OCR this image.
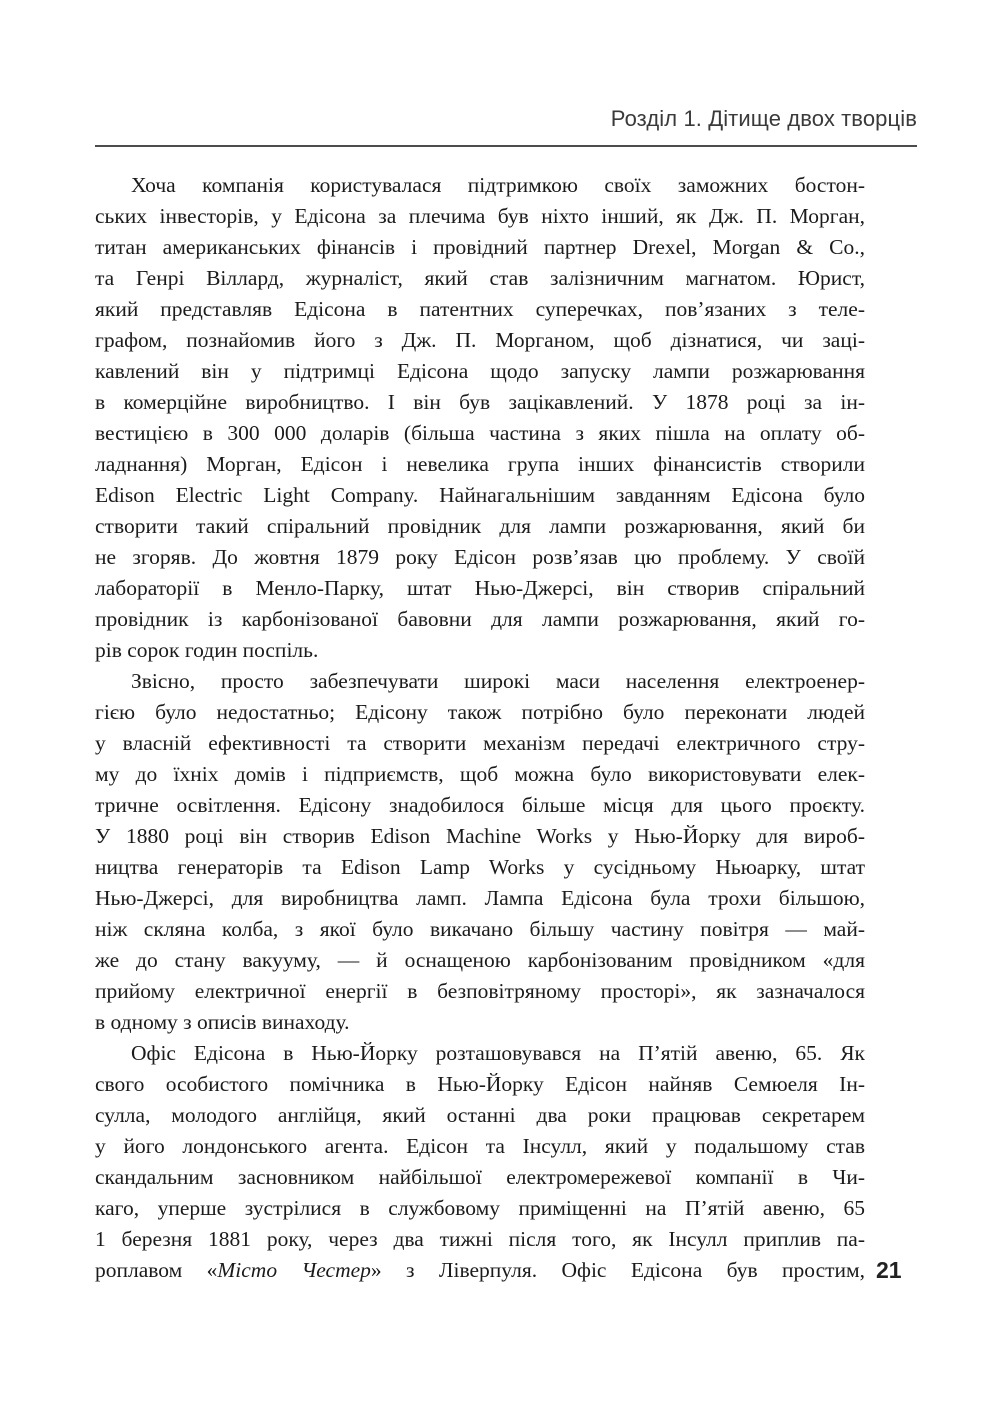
Розділ 1. Дітище двох творців
Хоча компанія користувалася підтримкою своїх заможних бостон-
ських інвесторів, у Едісона за плечима був ніхто інший, як Дж. П. Морган,
титан американських фінансів і провідний партнер Drexel, Morgan & Co.,
та Генрі Віллард, журналіст, який став залізничним магнатом. Юрист,
який представляв Едісона в патентних суперечках, пов’язаних з теле-
графом, познайомив його з Дж. П. Морганом, щоб дізнатися, чи заці-
кавлений він у підтримці Едісона щодо запуску лампи розжарювання
в комерційне виробництво. І він був зацікавлений. У 1878 році за ін-
вестицією в 300 000 доларів (більша частина з яких пішла на оплату об-
ладнання) Морган, Едісон і невелика група інших фінансистів створили
Edison Electric Light Company. Найнагальнішим завданням Едісона було
створити такий спіральний провідник для лампи розжарювання, який би
не згоряв. До жовтня 1879 року Едісон розв’язав цю проблему. У своїй
лабораторії в Менло-Парку, штат Нью-Джерсі, він створив спіральний
провідник із карбонізованої бавовни для лампи розжарювання, який го-
рів сорок годин поспіль.
Звісно, просто забезпечувати широкі маси населення електроенер-
гією було недостатньо; Едісону також потрібно було переконати людей
у власній ефективності та створити механізм передачі електричного стру-
му до їхніх домів і підприємств, щоб можна було використовувати елек-
тричне освітлення. Едісону знадобилося більше місця для цього проєкту.
У 1880 році він створив Edison Machine Works у Нью-Йорку для вироб-
ництва генераторів та Edison Lamp Works у сусідньому Ньюарку, штат
Нью-Джерсі, для виробництва ламп. Лампа Едісона була трохи більшою,
ніж скляна колба, з якої було викачано більшу частину повітря — май-
же до стану вакууму, — й оснащеною карбонізованим провідником «для
прийому електричної енергії в безповітряному просторі», як зазначалося
в одному з описів винаходу.
Офіс Едісона в Нью-Йорку розташовувався на П’ятій авеню, 65. Як
свого особистого помічника в Нью-Йорку Едісон найняв Семюеля Ін-
сулла, молодого англійця, який останні два роки працював секретарем
у його лондонського агента. Едісон та Інсулл, який у подальшому став
скандальним засновником найбільшої електромережевої компанії в Чи-
каго, уперше зустрілися в службовому приміщенні на П’ятій авеню, 65
1 березня 1881 року, через два тижні після того, як Інсулл приплив па-
роплавом «Місто Честер» з Ліверпуля. Офіс Едісона був простим, 21
